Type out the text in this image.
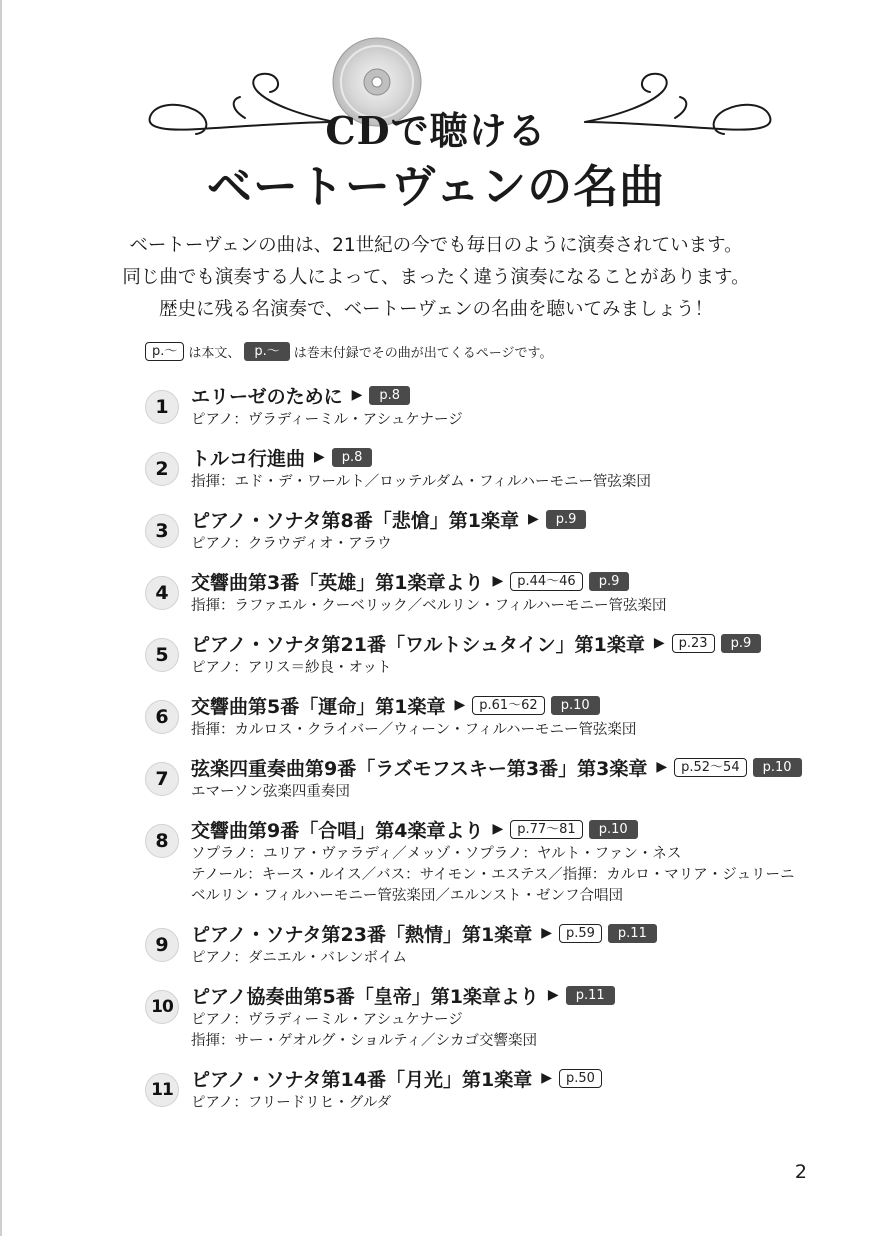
CDで聴ける
ベートーヴェンの名曲
ベートーヴェンの曲は、21世紀の今でも毎日のように演奏されています。
同じ曲でも演奏する人によって、まったく違う演奏になることがあります。
歴史に残る名演奏で、ベートーヴェンの名曲を聴いてみましょう！
p.～ は本文、	p.～	は巻末付録でその曲が出てくるページです。
1	エリーゼのために ▶	p.8
ピアノ：ヴラディーミル・アシュケナージ
2	トルコ行進曲 ▶	p.8
指揮：エド・デ・ワールト／ロッテルダム・フィルハーモニー管弦楽団
3	ピアノ・ソナタ第8番「悲愴」第1楽章 ▶	p.9
ピアノ：クラウディオ・アラウ
4	交響曲第3番「英雄」第1楽章より ▶	p.44～46	p.9
指揮：ラファエル・クーベリック／ベルリン・フィルハーモニー管弦楽団
5	ピアノ・ソナタ第21番「ワルトシュタイン」第1楽章 ▶	p.23	p.9
ピアノ：アリス＝紗良・オット
6	交響曲第5番「運命」第1楽章 ▶	p.61～62	p.10
指揮：カルロス・クライバー／ウィーン・フィルハーモニー管弦楽団
7	弦楽四重奏曲第9番「ラズモフスキー第3番」第3楽章 ▶	p.52～54	p.10
エマーソン弦楽四重奏団
8	交響曲第9番「合唱」第4楽章より ▶	p.77～81	p.10
ソプラノ：ユリア・ヴァラディ／メッゾ・ソプラノ：ヤルト・ファン・ネス
テノール：キース・ルイス／バス：サイモン・エステス／指揮：カルロ・マリア・ジュリーニ
ベルリン・フィルハーモニー管弦楽団／エルンスト・ゼンフ合唱団
9	ピアノ・ソナタ第23番「熱情」第1楽章 ▶	p.59	p.11
ピアノ：ダニエル・バレンボイム
10 ピアノ協奏曲第5番「皇帝」第1楽章より ▶	p.11
ピアノ：ヴラディーミル・アシュケナージ
指揮：サー・ゲオルグ・ショルティ／シカゴ交響楽団
11 ピアノ・ソナタ第14番「月光」第1楽章 ▶	p.50
ピアノ：フリードリヒ・グルダ
2
